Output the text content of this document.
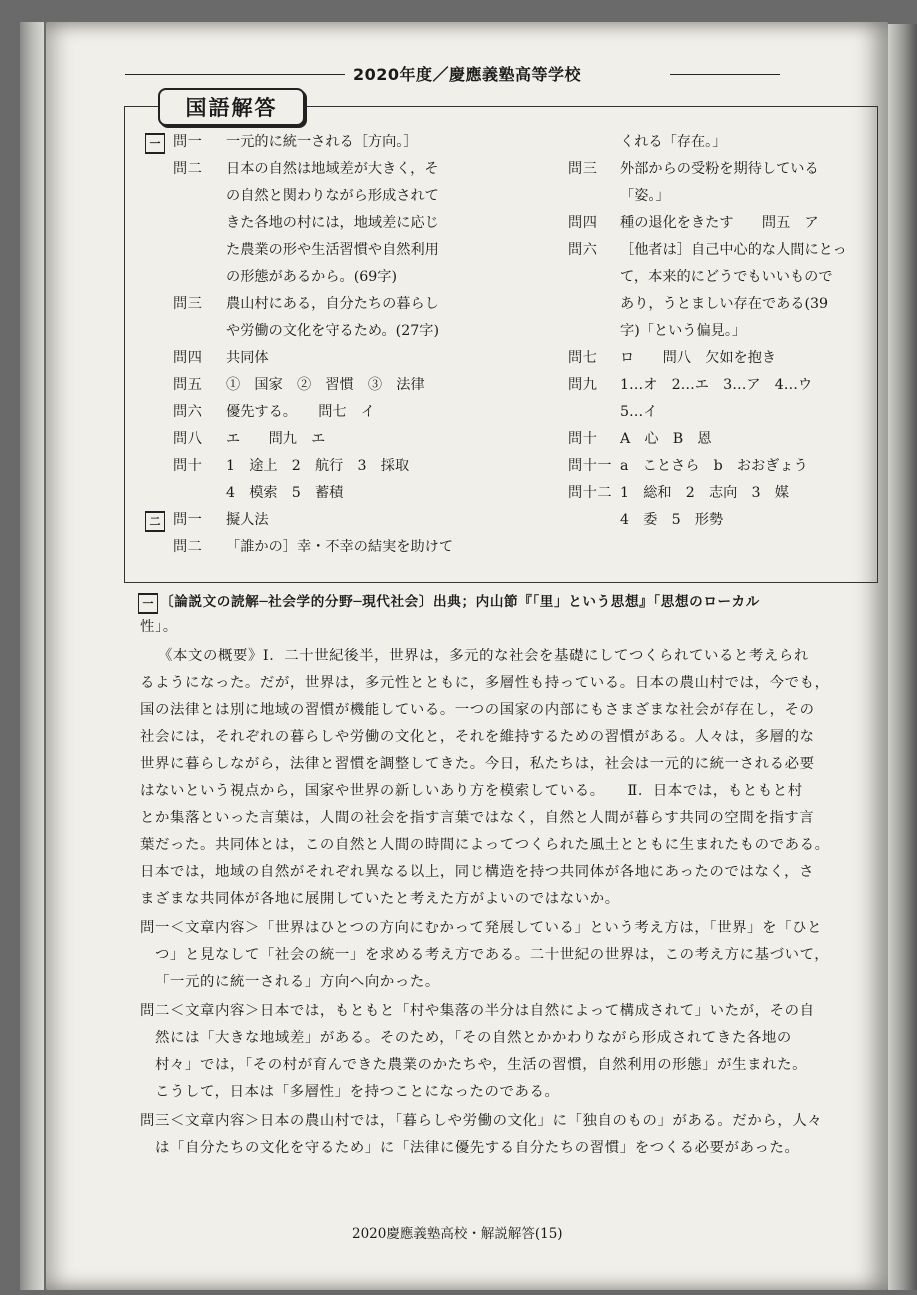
2020年度／慶應義塾高等学校
国語解答
一 問一 一元的に統一される［方向。］
問二 日本の自然は地域差が大きく，そ
の自然と関わりながら形成されて
きた各地の村には，地域差に応じ
た農業の形や生活習慣や自然利用
の形態があるから。(69字)
問三 農山村にある，自分たちの暮らし
や労働の文化を守るため。(27字)
問四 共同体
問五 ①　国家　②　習慣　③　法律
問六 優先する。　　問七　イ
問八 エ　　問九　エ
問十 1　途上　2　航行　3　採取
4　模索　5　蓄積
二 問一 擬人法
問二 「誰かの］幸・不幸の結実を助けて
くれる「存在。」
問三 外部からの受粉を期待している
「姿。」
問四 種の退化をきたす　　問五　ア
問六 ［他者は］自己中心的な人間にとっ
て，本来的にどうでもいいもので
あり，うとましい存在である(39
字)「という偏見。」
問七 ロ　　問八　欠如を抱き
問九 1…オ　2…エ　3…ア　4…ウ
5…イ
問十 A　心　B　恩
問十一 a　ことさら　b　おおぎょう
問十二 1　総和　2　志向　3　媒
4　委　5　形勢
一 〔論説文の読解─社会学的分野─現代社会〕出典；内山節『「里」という思想』「思想のローカル
性」。
《本文の概要》Ⅰ．二十世紀後半，世界は，多元的な社会を基礎にしてつくられていると考えられ
るようになった。だが，世界は，多元性とともに，多層性も持っている。日本の農山村では，今でも，
国の法律とは別に地域の習慣が機能している。一つの国家の内部にもさまざまな社会が存在し，その
社会には，それぞれの暮らしや労働の文化と，それを維持するための習慣がある。人々は，多層的な
世界に暮らしながら，法律と習慣を調整してきた。今日，私たちは，社会は一元的に統一される必要
はないという視点から，国家や世界の新しいあり方を模索している。　　Ⅱ．日本では，もともと村
とか集落といった言葉は，人間の社会を指す言葉ではなく，自然と人間が暮らす共同の空間を指す言
葉だった。共同体とは，この自然と人間の時間によってつくられた風土とともに生まれたものである。
日本では，地域の自然がそれぞれ異なる以上，同じ構造を持つ共同体が各地にあったのではなく，さ
まざまな共同体が各地に展開していたと考えた方がよいのではないか。
問一＜文章内容＞「世界はひとつの方向にむかって発展している」という考え方は，「世界」を「ひと
つ」と見なして「社会の統一」を求める考え方である。二十世紀の世界は，この考え方に基づいて，
「一元的に統一される」方向へ向かった。
問二＜文章内容＞日本では，もともと「村や集落の半分は自然によって構成されて」いたが，その自
然には「大きな地域差」がある。そのため，「その自然とかかわりながら形成されてきた各地の
村々」では，「その村が育んできた農業のかたちや，生活の習慣，自然利用の形態」が生まれた。
こうして，日本は「多層性」を持つことになったのである。
問三＜文章内容＞日本の農山村では，「暮らしや労働の文化」に「独自のもの」がある。だから，人々
は「自分たちの文化を守るため」に「法律に優先する自分たちの習慣」をつくる必要があった。
2020慶應義塾高校・解説解答(15)
